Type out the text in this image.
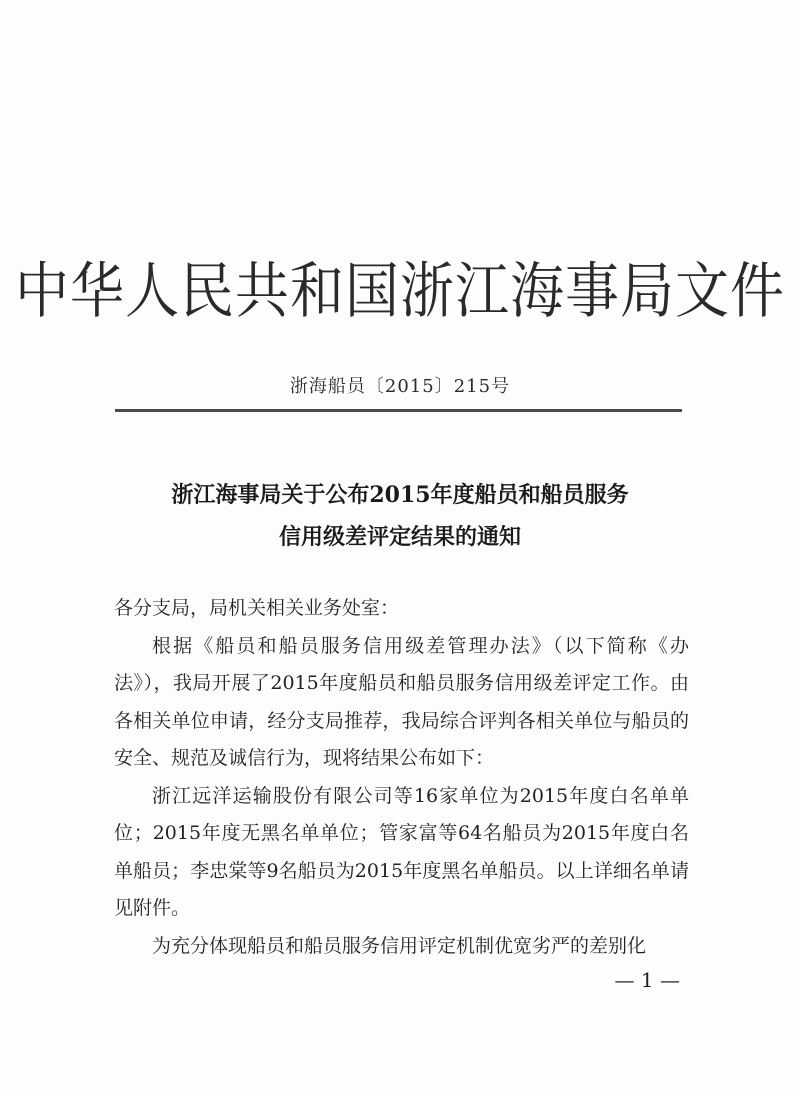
中华人民共和国浙江海事局文件
浙海船员〔2015〕215号
浙江海事局关于公布2015年度船员和船员服务
信用级差评定结果的通知

各分支局，局机关相关业务处室：

根据《船员和船员服务信用级差管理办法》（以下简称《办法》），我局开展了2015年度船员和船员服务信用级差评定工作。由各相关单位申请，经分支局推荐，我局综合评判各相关单位与船员的安全、规范及诚信行为，现将结果公布如下：

浙江远洋运输股份有限公司等16家单位为2015年度白名单单位；2015年度无黑名单单位；管家富等64名船员为2015年度白名单船员；李忠棠等9名船员为2015年度黑名单船员。以上详细名单请见附件。

为充分体现船员和船员服务信用评定机制优宽劣严的差别化

— 1 —
